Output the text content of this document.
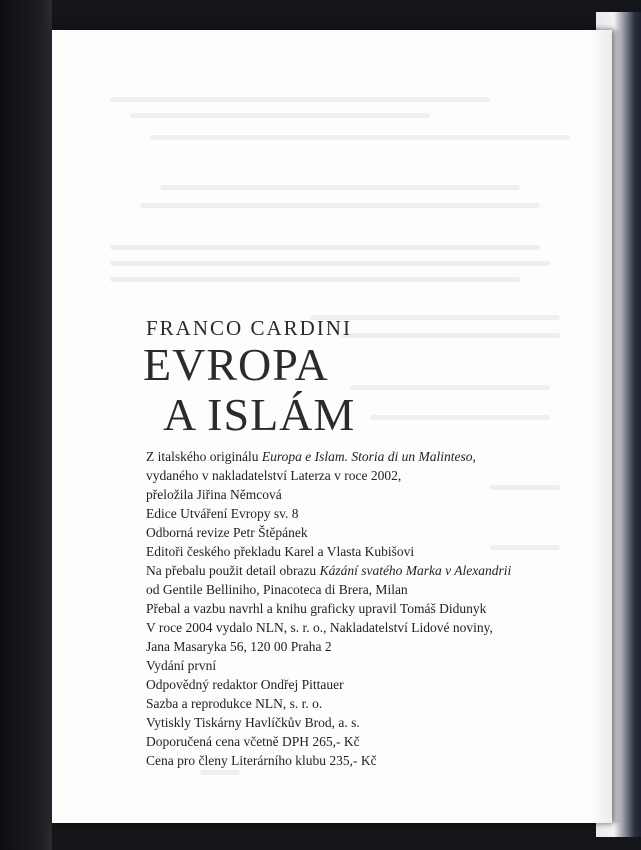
FRANCO CARDINI
EVROPA
A ISLÁM
Z italského originálu Europa e Islam. Storia di un Malinteso,
vydaného v nakladatelství Laterza v roce 2002,
přeložila Jiřina Němcová
Edice Utváření Evropy sv. 8
Odborná revize Petr Štěpánek
Editoři českého překladu Karel a Vlasta Kubišovi
Na přebalu použit detail obrazu Kázání svatého Marka v Alexandrii
od Gentile Belliniho, Pinacoteca di Brera, Milan
Přebal a vazbu navrhl a knihu graficky upravil Tomáš Didunyk
V roce 2004 vydalo NLN, s. r. o., Nakladatelství Lidové noviny,
Jana Masaryka 56, 120 00 Praha 2
Vydání první
Odpovědný redaktor Ondřej Pittauer
Sazba a reprodukce NLN, s. r. o.
Vytiskly Tiskárny Havlíčkův Brod, a. s.
Doporučená cena včetně DPH 265,- Kč
Cena pro členy Literárního klubu 235,- Kč
